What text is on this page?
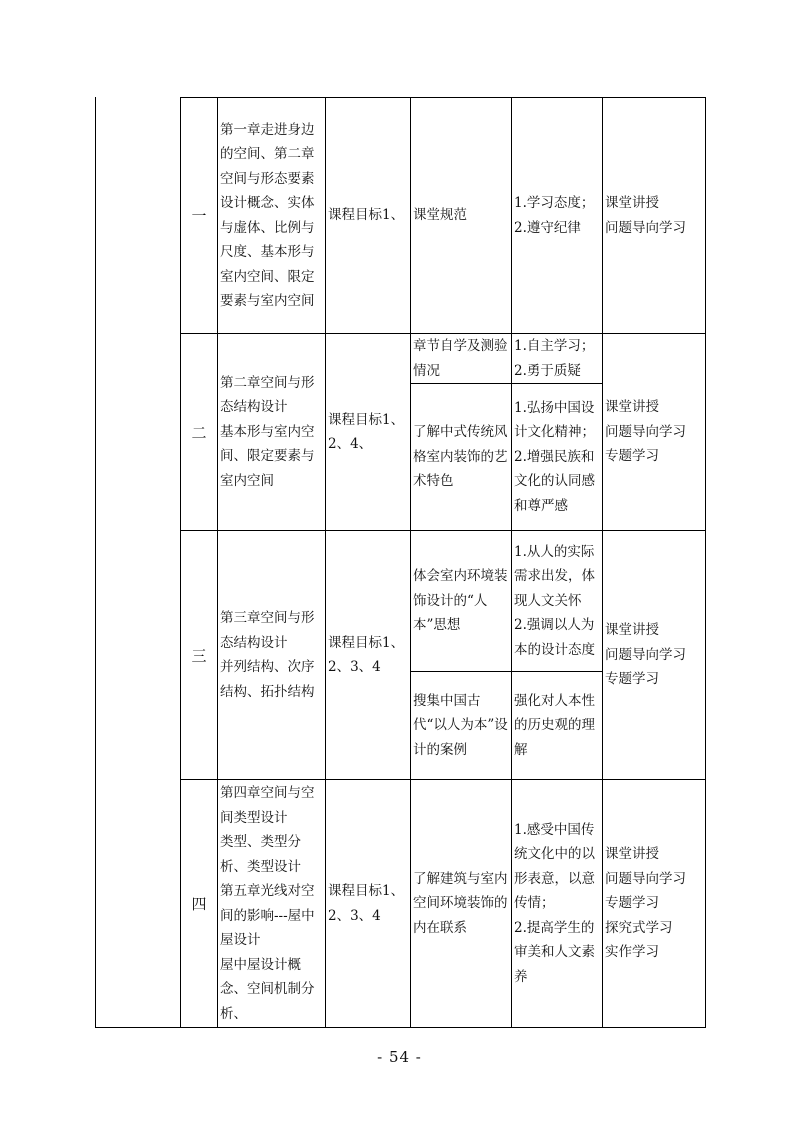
一
第一章走进身边的空间、第二章空间与形态要素设计概念、实体与虚体、比例与尺度、基本形与室内空间、限定要素与室内空间
课程目标1、 课堂规范
1.学习态度；
2.遵守纪律
课堂讲授
问题导向学习
二
第二章空间与形态结构设计
基本形与室内空间、限定要素与室内空间
课程目标1、2、4、
章节自学及测验情况
1.自主学习；
2.勇于质疑
了解中式传统风格室内装饰的艺术特色
1.弘扬中国设计文化精神；2.增强民族和文化的认同感和尊严感
课堂讲授
问题导向学习
专题学习
三
第三章空间与形态结构设计
并列结构、次序结构、拓扑结构
课程目标1、2、3、4
体会室内环境装饰设计的“人本”思想
1.从人的实际需求出发，体现人文关怀
2.强调以人为本的设计态度
搜集中国古代“以人为本”设计的案例
强化对人本性的历史观的理解
课堂讲授
问题导向学习
专题学习
四
第四章空间与空间类型设计
类型、类型分析、类型设计
第五章光线对空间的影响---屋中屋设计
屋中屋设计概念、空间机制分析、
课程目标1、2、3、4
了解建筑与室内空间环境装饰的内在联系
1.感受中国传统文化中的以形表意，以意传情；
2.提高学生的审美和人文素养
课堂讲授
问题导向学习
专题学习
探究式学习
实作学习
- 54 -
